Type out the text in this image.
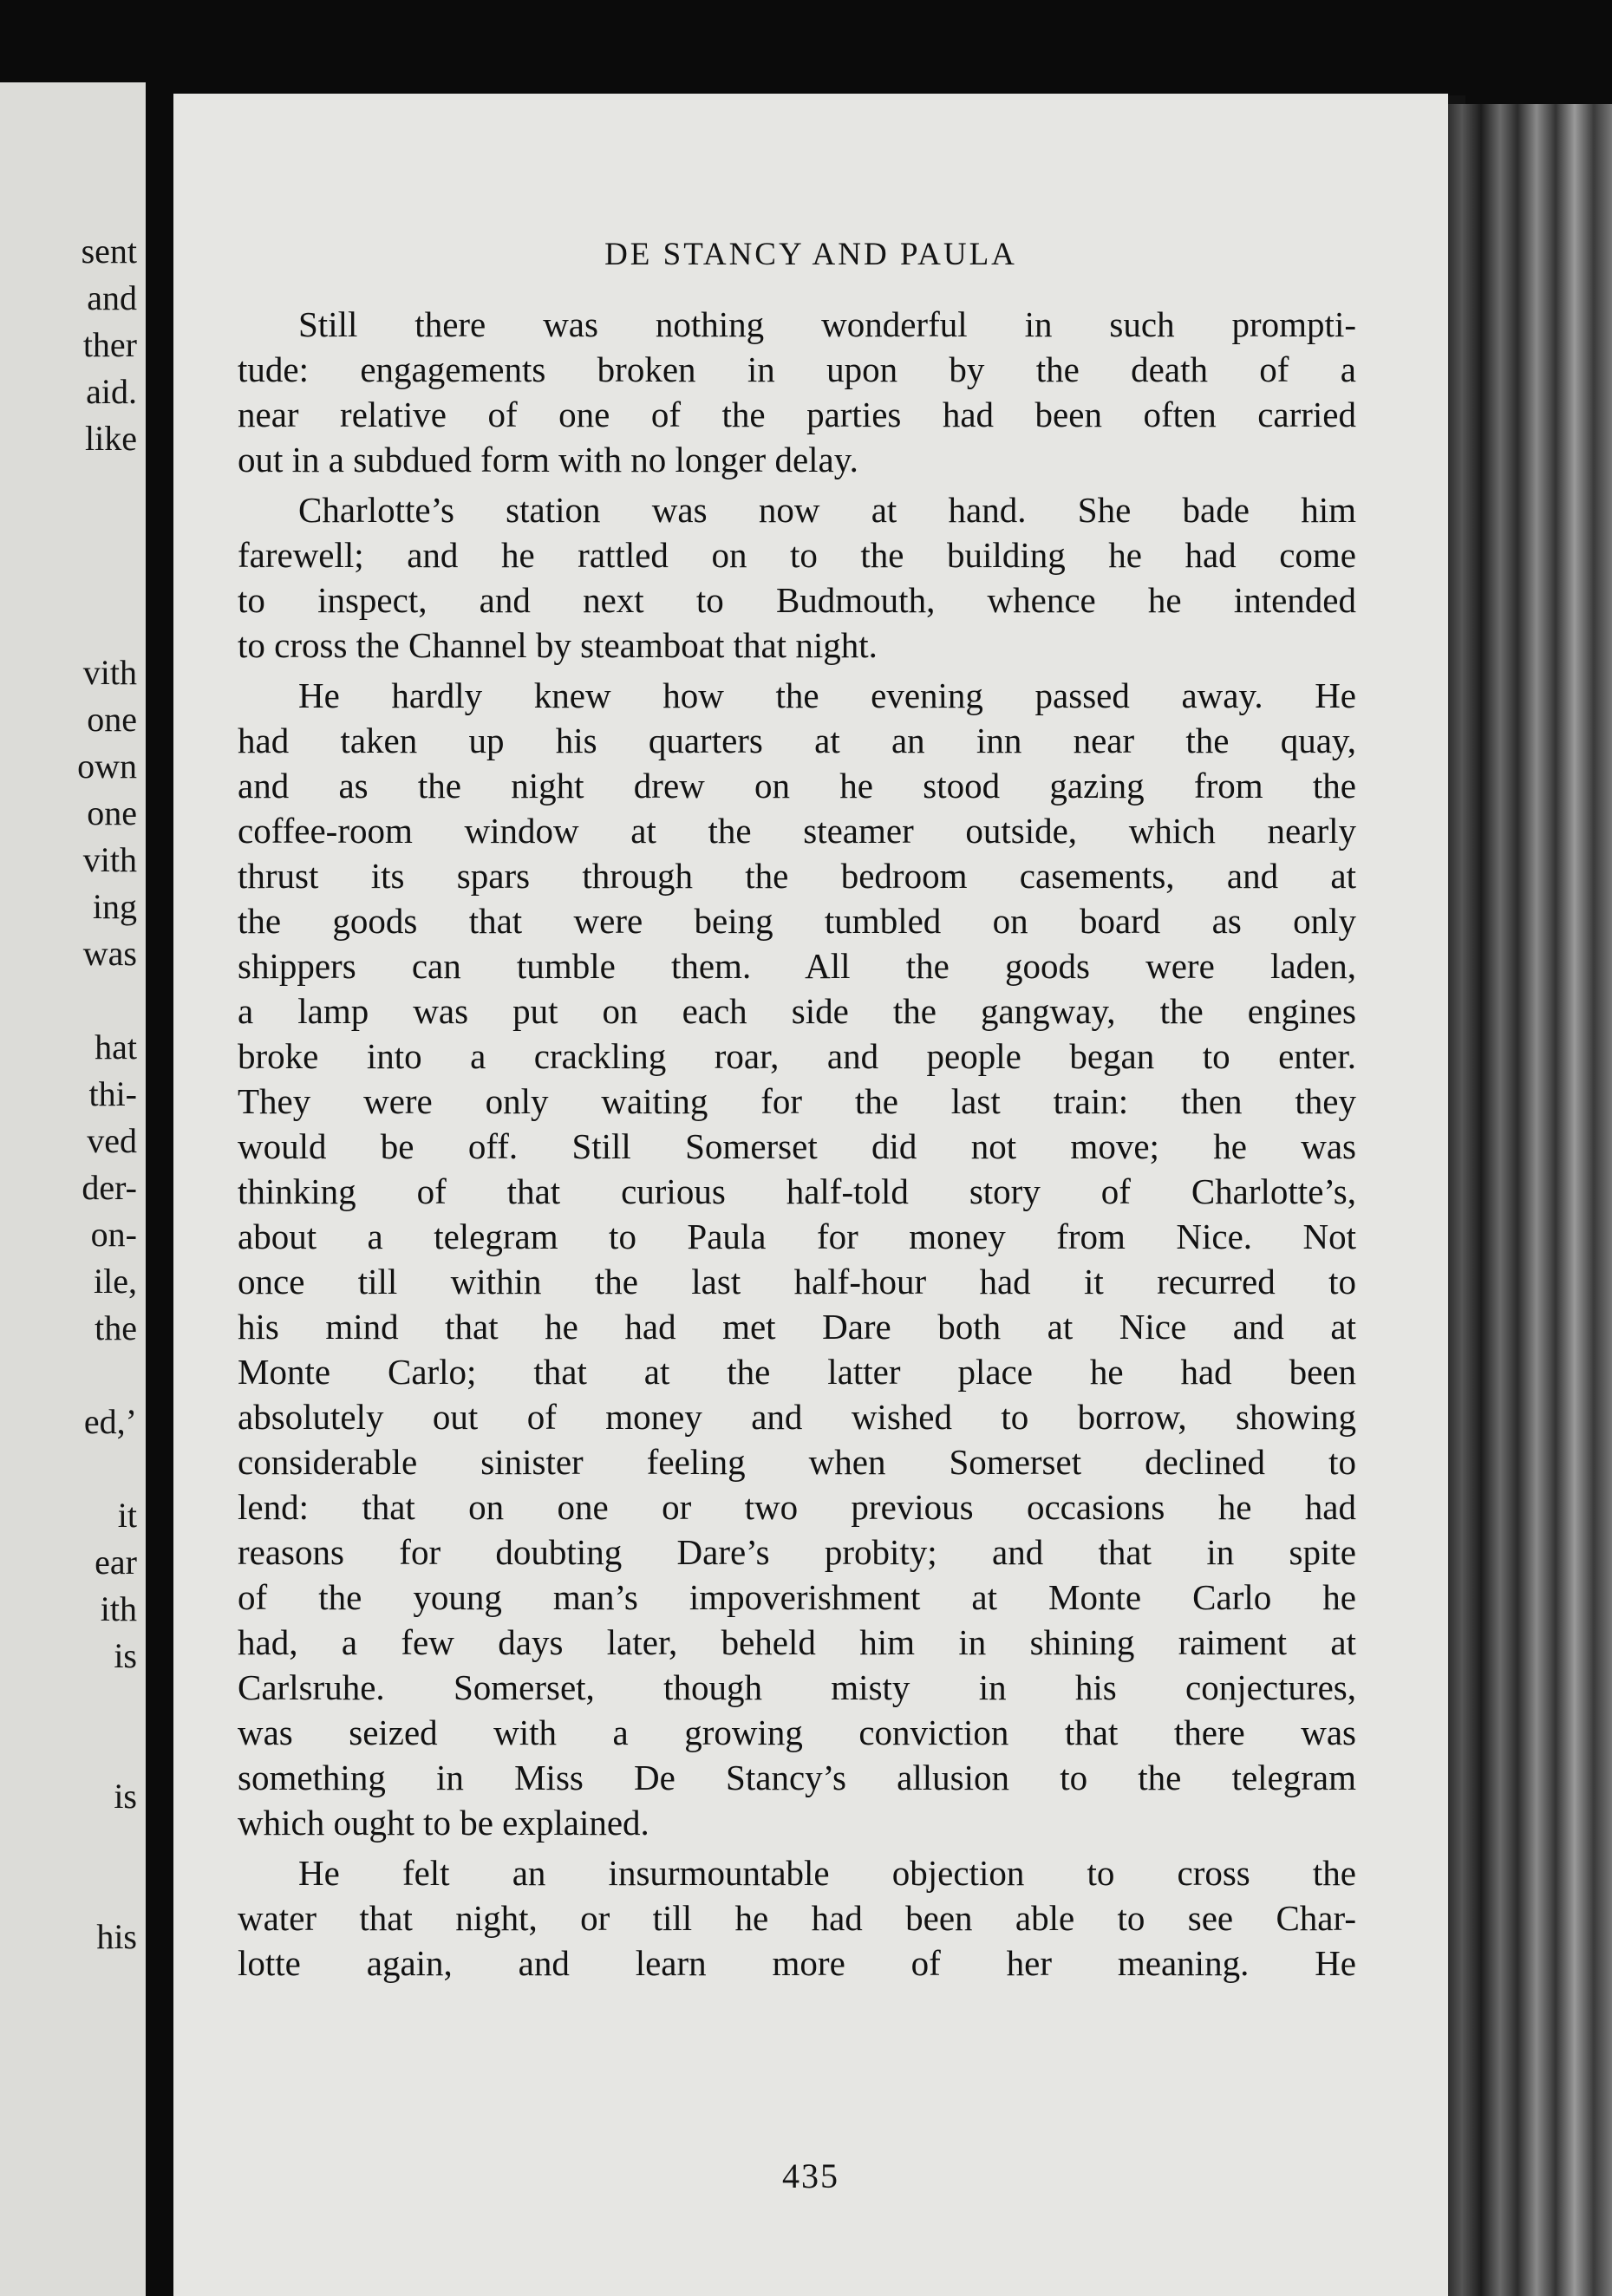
sent
and
ther
aid.
like
vith
one
own
one
vith
ing
was
hat
thi-
ved
der-
on-
ile,
the
ed,’
it
ear
ith
is
is
his
DE STANCY AND PAULA
Still there was nothing wonderful in such prompti-
tude: engagements broken in upon by the death of a
near relative of one of the parties had been often carried
out in a subdued form with no longer delay.
Charlotte’s station was now at hand. She bade him
farewell; and he rattled on to the building he had come
to inspect, and next to Budmouth, whence he intended
to cross the Channel by steamboat that night.
He hardly knew how the evening passed away. He
had taken up his quarters at an inn near the quay,
and as the night drew on he stood gazing from the
coffee-room window at the steamer outside, which nearly
thrust its spars through the bedroom casements, and at
the goods that were being tumbled on board as only
shippers can tumble them. All the goods were laden,
a lamp was put on each side the gangway, the engines
broke into a crackling roar, and people began to enter.
They were only waiting for the last train: then they
would be off. Still Somerset did not move; he was
thinking of that curious half-told story of Charlotte’s,
about a telegram to Paula for money from Nice. Not
once till within the last half-hour had it recurred to
his mind that he had met Dare both at Nice and at
Monte Carlo; that at the latter place he had been
absolutely out of money and wished to borrow, showing
considerable sinister feeling when Somerset declined to
lend: that on one or two previous occasions he had
reasons for doubting Dare’s probity; and that in spite
of the young man’s impoverishment at Monte Carlo he
had, a few days later, beheld him in shining raiment at
Carlsruhe. Somerset, though misty in his conjectures,
was seized with a growing conviction that there was
something in Miss De Stancy’s allusion to the telegram
which ought to be explained.
He felt an insurmountable objection to cross the
water that night, or till he had been able to see Char-
lotte again, and learn more of her meaning. He
435
